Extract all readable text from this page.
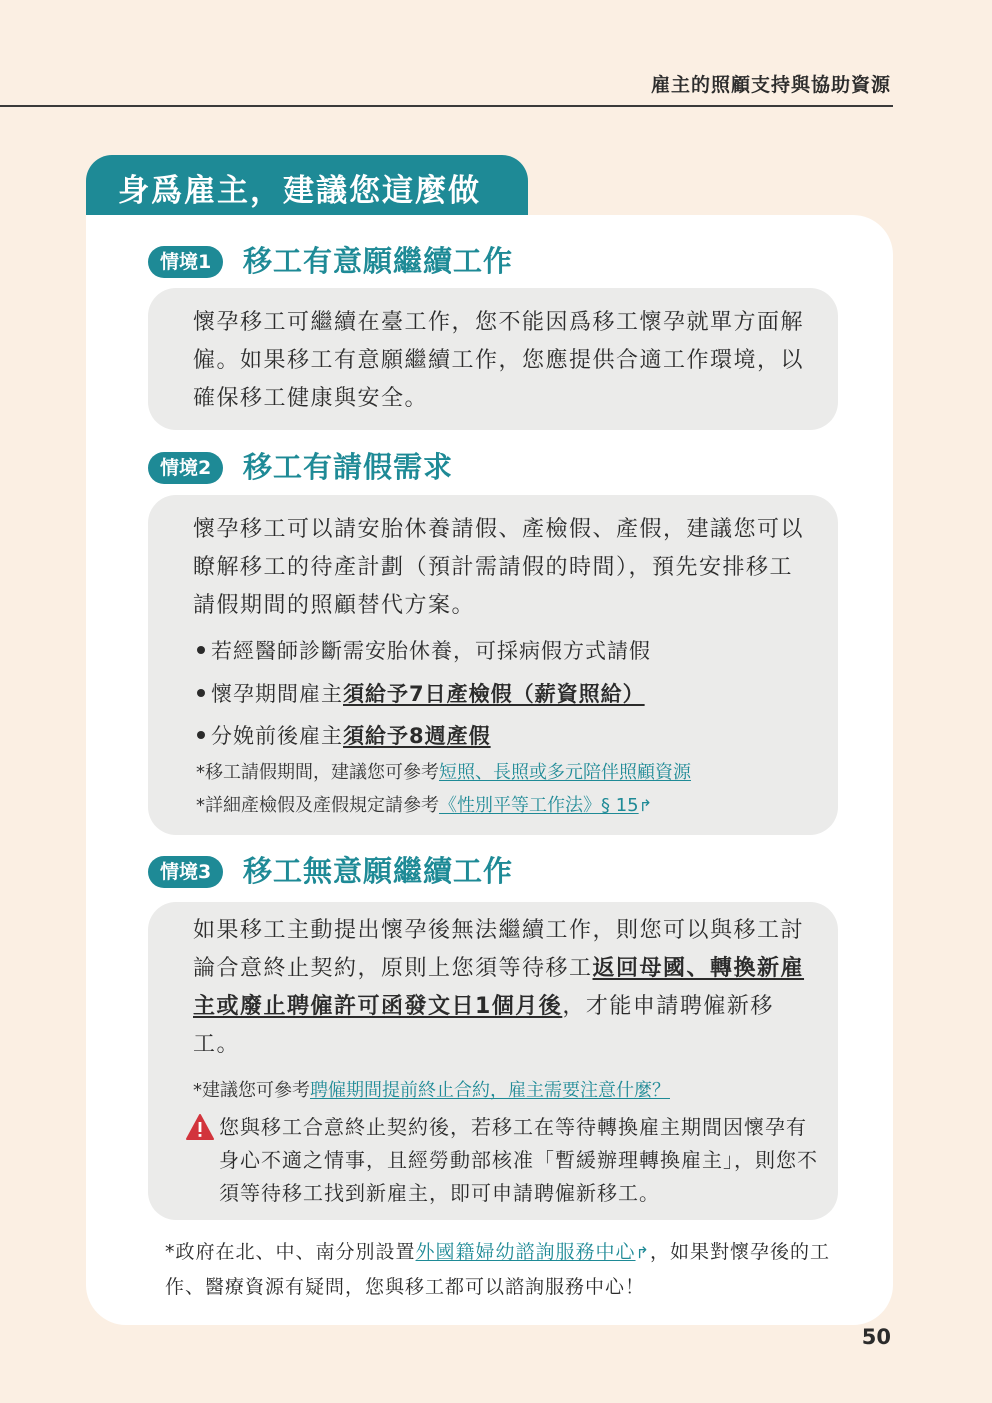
雇主的照顧支持與協助資源
身爲雇主，建議您這麼做
情境1	移工有意願繼續工作
懷孕移工可繼續在臺工作，您不能因爲移工懷孕就單方面解僱。如果移工有意願繼續工作，您應提供合適工作環境，以確保移工健康與安全。
情境2	移工有請假需求
懷孕移工可以請安胎休養請假、產檢假、產假，建議您可以瞭解移工的待產計劃（預計需請假的時間），預先安排移工請假期間的照顧替代方案。
若經醫師診斷需安胎休養，可採病假方式請假
懷孕期間雇主須給予7日產檢假（薪資照給）
分娩前後雇主須給予8週產假
*移工請假期間，建議您可參考短照、長照或多元陪伴照顧資源
*詳細產檢假及產假規定請參考《性別平等工作法》§ 15↱
情境3	移工無意願繼續工作
如果移工主動提出懷孕後無法繼續工作，則您可以與移工討論合意終止契約，原則上您須等待移工返回母國、轉換新雇主或廢止聘僱許可函發文日1個月後，才能申請聘僱新移工。
*建議您可參考聘僱期間提前終止合約，雇主需要注意什麼？
您與移工合意終止契約後，若移工在等待轉換雇主期間因懷孕有身心不適之情事，且經勞動部核准「暫緩辦理轉換雇主」，則您不須等待移工找到新雇主，即可申請聘僱新移工。
*政府在北、中、南分別設置外國籍婦幼諮詢服務中心↱，如果對懷孕後的工作、醫療資源有疑問，您與移工都可以諮詢服務中心！
50
